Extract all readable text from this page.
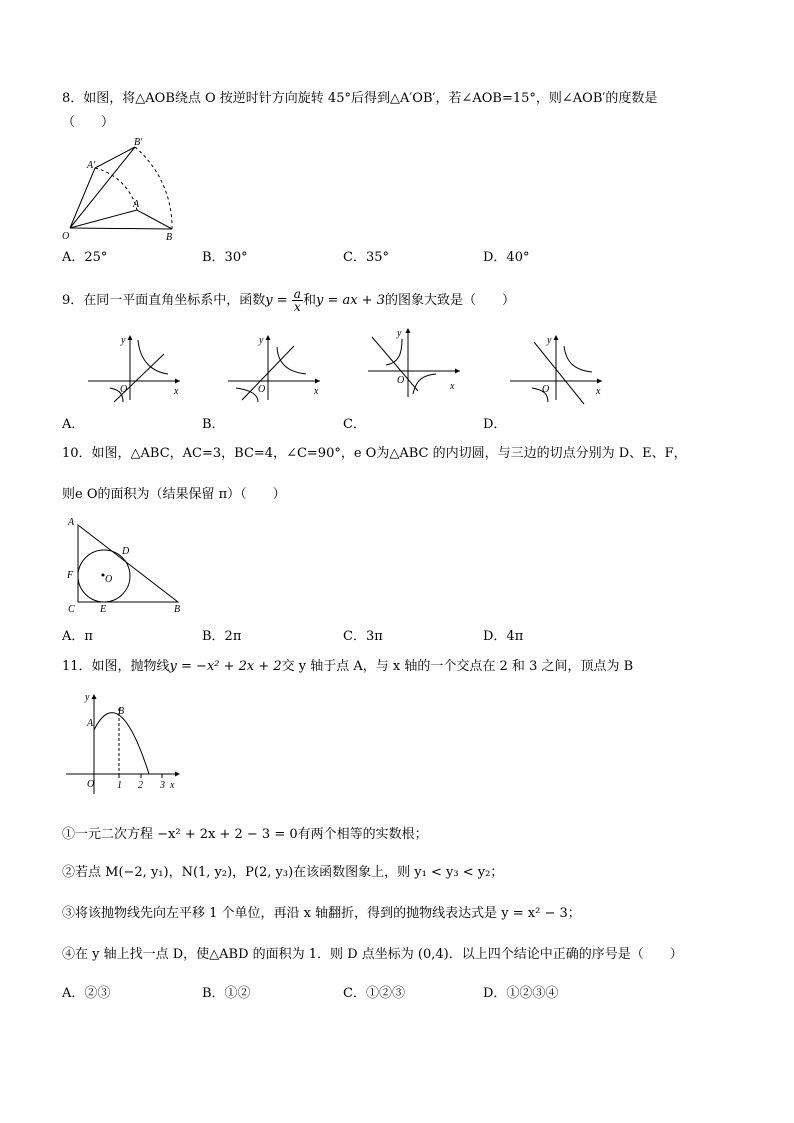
8．如图，将△AOB绕点 O 按逆时针方向旋转 45°后得到△A′OB′，若∠AOB=15°，则∠AOB′的度数是
（　　）
O
A
B
A′
B′
A．25°	B．30°	C．35°	D．40°
9．在同一平面直角坐标系中，函数$y = \frac{a}{x}$ 和y = ax + 3的图象大致是（　　）
O	x
y
O	x
y
O
x
y
O	x
y
A．	B．	C．	D．
10．如图，△ABC，AC=3，BC=4，∠C=90°，e O为△ABC 的内切圆，与三边的切点分别为 D、E、F，
则e O的面积为（结果保留 π）（　　）
A
C	B
D
E
F	O
A．π	B．2π	C．3π	D．4π
11．如图，抛物线y = −x² + 2x + 2交 y 轴于点 A，与 x 轴的一个交点在 2 和 3 之间，顶点为 B
y
A
B
O 1 2 3 x
①一元二次方程 −x² + 2x + 2 − 3 = 0有两个相等的实数根；
②若点 M(−2, y₁)，N(1, y₂)，P(2, y₃)在该函数图象上，则 y₁ < y₃ < y₂；
③将该抛物线先向左平移 1 个单位，再沿 x 轴翻折，得到的抛物线表达式是 y = x² − 3；
④在 y 轴上找一点 D，使△ABD 的面积为 1．则 D 点坐标为 (0,4)．以上四个结论中正确的序号是（　　）
A．②③	B．①②	C．①②③	D．①②③④
